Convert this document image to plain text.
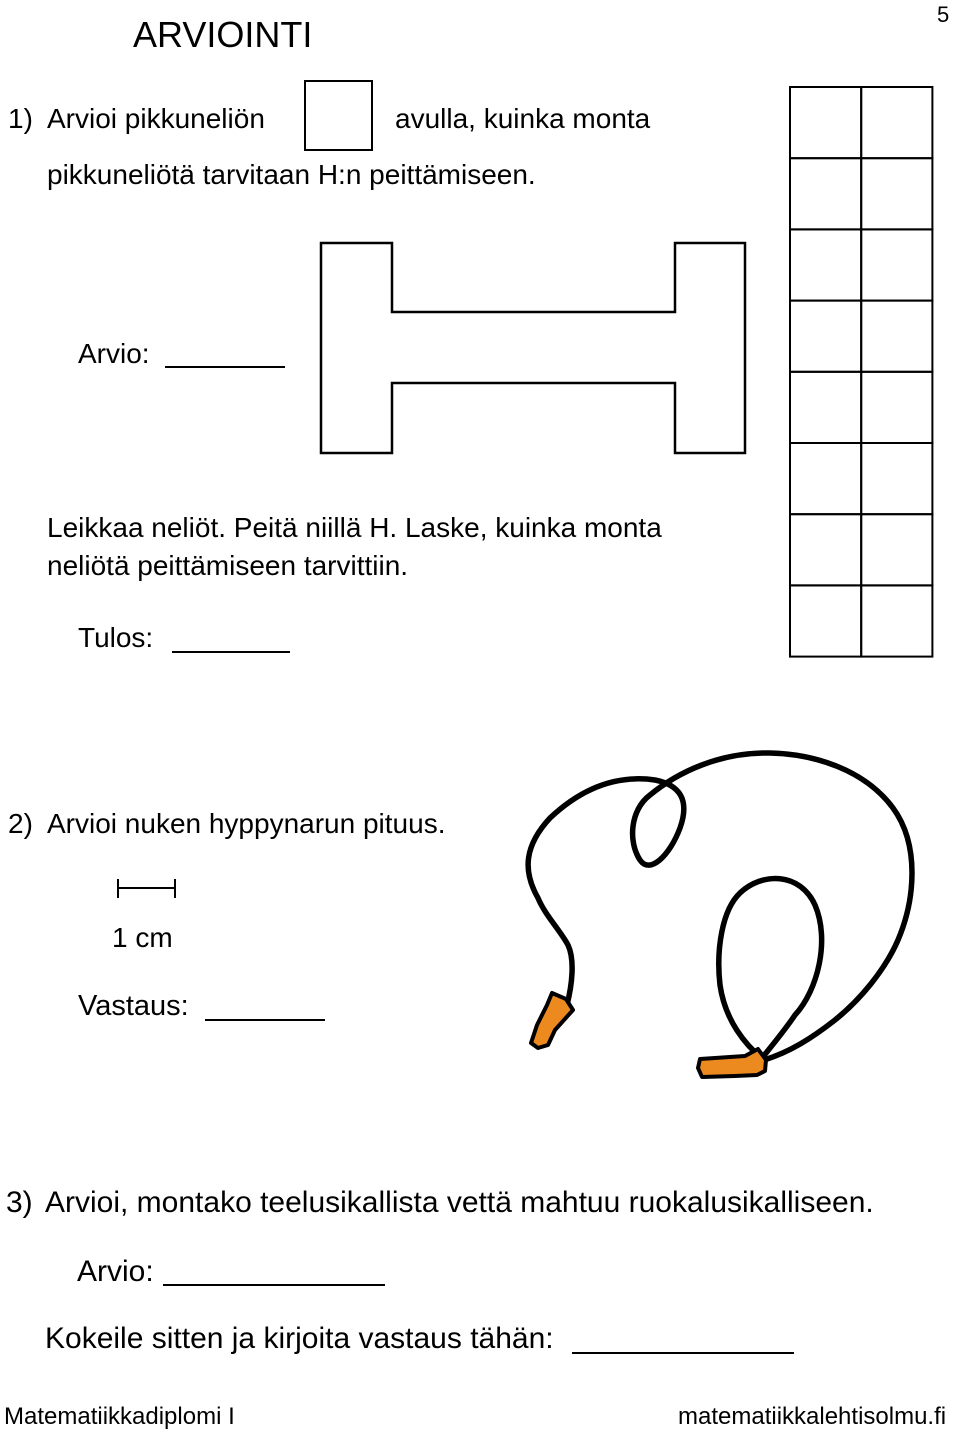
ARVIOINTI	5
1) Arvioi pikkuneliön	avulla, kuinka monta
pikkuneliötä tarvitaan H:n peittämiseen.
Arvio:
Leikkaa neliöt. Peitä niillä H. Laske, kuinka monta
neliötä peittämiseen tarvittiin.
Tulos:
2) Arvioi nuken hyppynarun pituus.
1 cm
Vastaus:
3) Arvioi, montako teelusikallista vettä mahtuu ruokalusikalliseen.
Arvio:
Kokeile sitten ja kirjoita vastaus tähän:
Matematiikkadiplomi I	matematiikkalehtisolmu.fi
